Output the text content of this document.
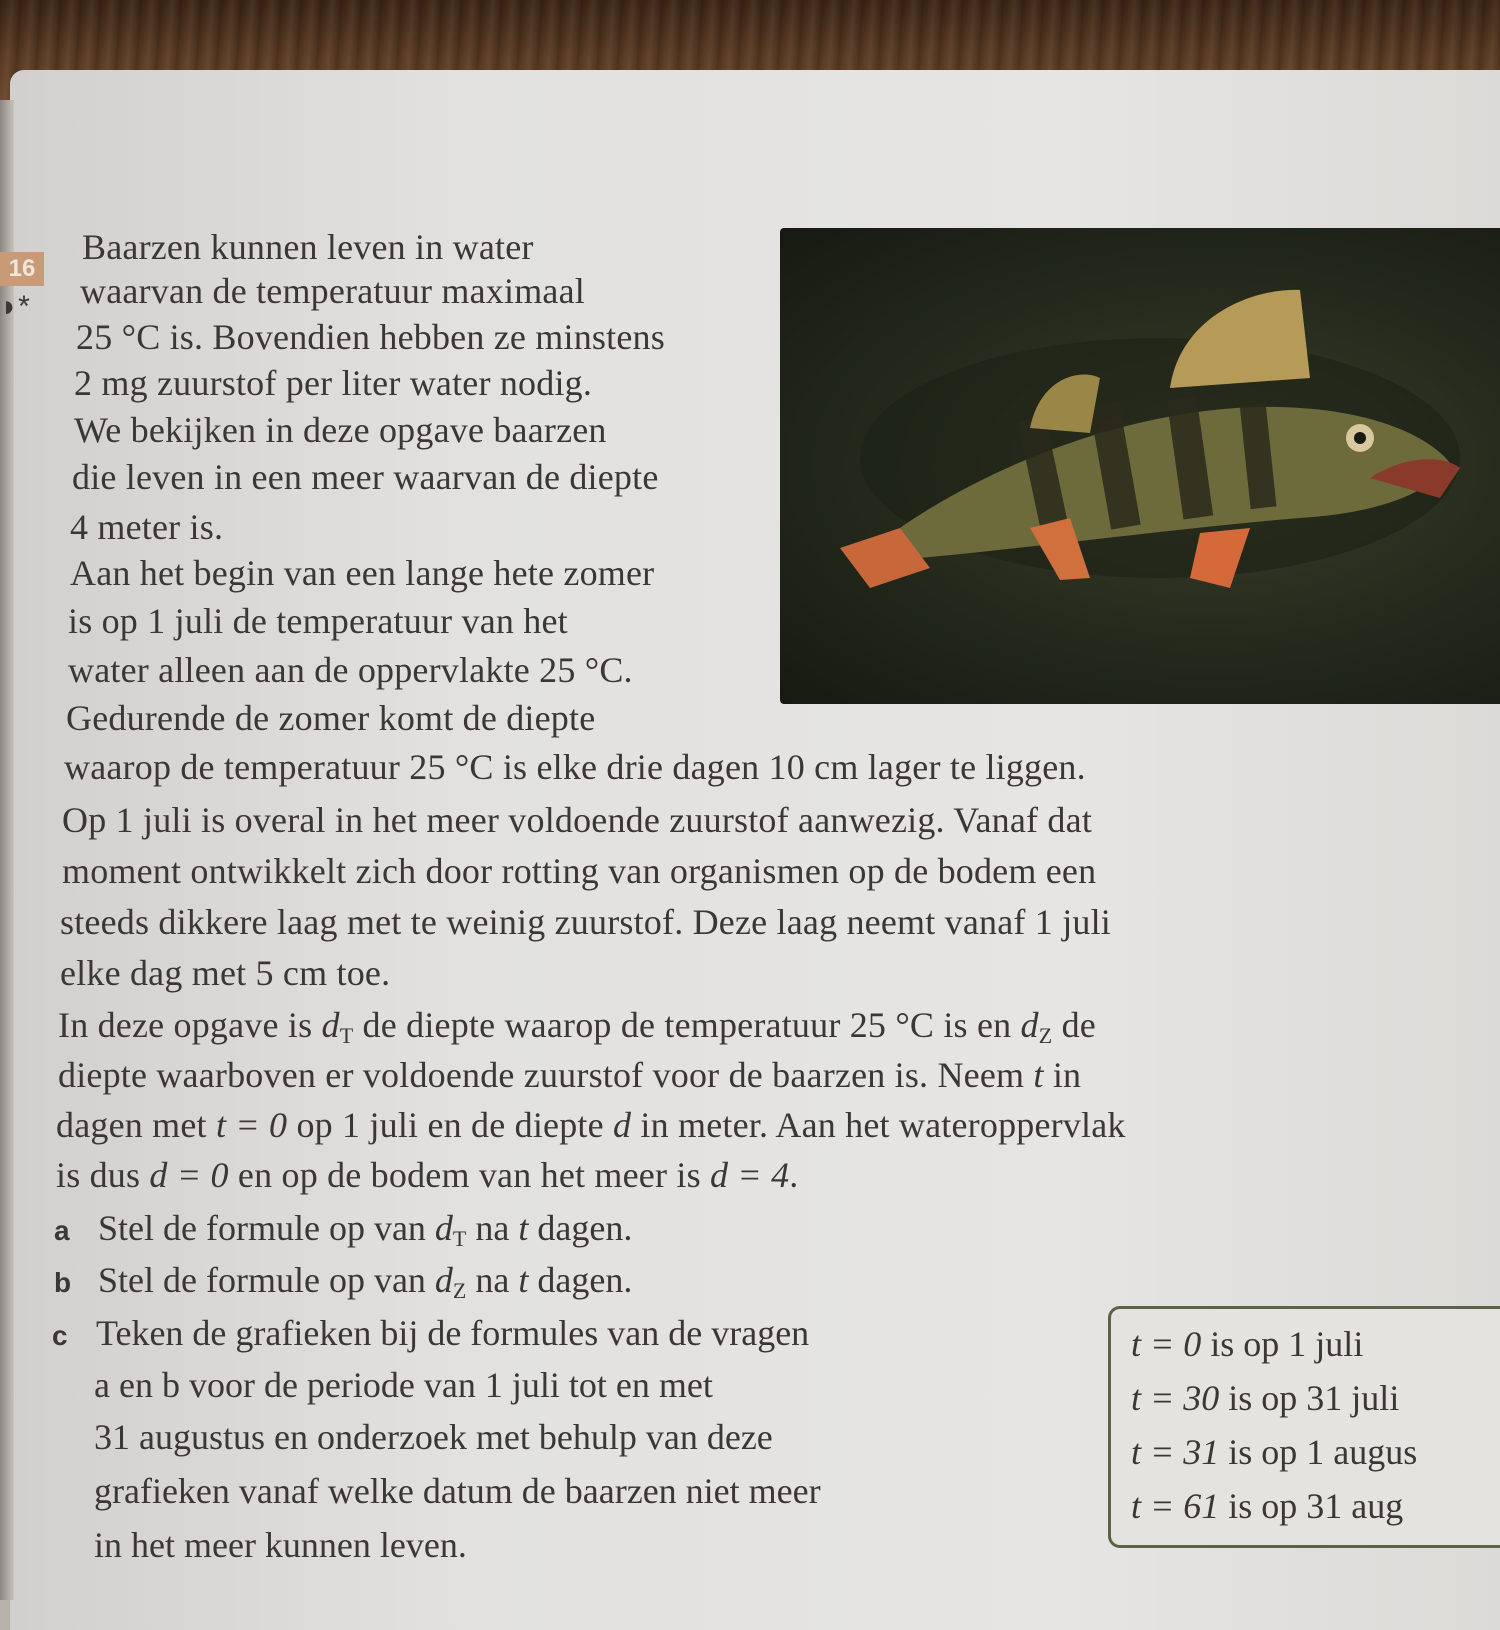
16
◗*
Baarzen kunnen leven in water
waarvan de temperatuur maximaal
25 °C is. Bovendien hebben ze minstens
2 mg zuurstof per liter water nodig.
We bekijken in deze opgave baarzen
die leven in een meer waarvan de diepte
4 meter is.
Aan het begin van een lange hete zomer
is op 1 juli de temperatuur van het
water alleen aan de oppervlakte 25 °C.
Gedurende de zomer komt de diepte
waarop de temperatuur 25 °C is elke drie dagen 10 cm lager te liggen.
Op 1 juli is overal in het meer voldoende zuurstof aanwezig. Vanaf dat
moment ontwikkelt zich door rotting van organismen op de bodem een
steeds dikkere laag met te weinig zuurstof. Deze laag neemt vanaf 1 juli
elke dag met 5 cm toe.
In deze opgave is $d_T$ de diepte waarop de temperatuur 25 °C is en $d_Z$ de
diepte waarboven er voldoende zuurstof voor de baarzen is. Neem t in
dagen met t = 0 op 1 juli en de diepte d in meter. Aan het wateroppervlak
is dus d = 0 en op de bodem van het meer is d = 4.
a Stel de formule op van $d_T$ na t dagen.
b Stel de formule op van $d_Z$ na t dagen.
c Teken de grafieken bij de formules van de vragen
a en b voor de periode van 1 juli tot en met
31 augustus en onderzoek met behulp van deze
grafieken vanaf welke datum de baarzen niet meer
in het meer kunnen leven.
t = 0 is op 1 juli
t = 30 is op 31 juli
t = 31 is op 1 augus
t = 61 is op 31 aug
